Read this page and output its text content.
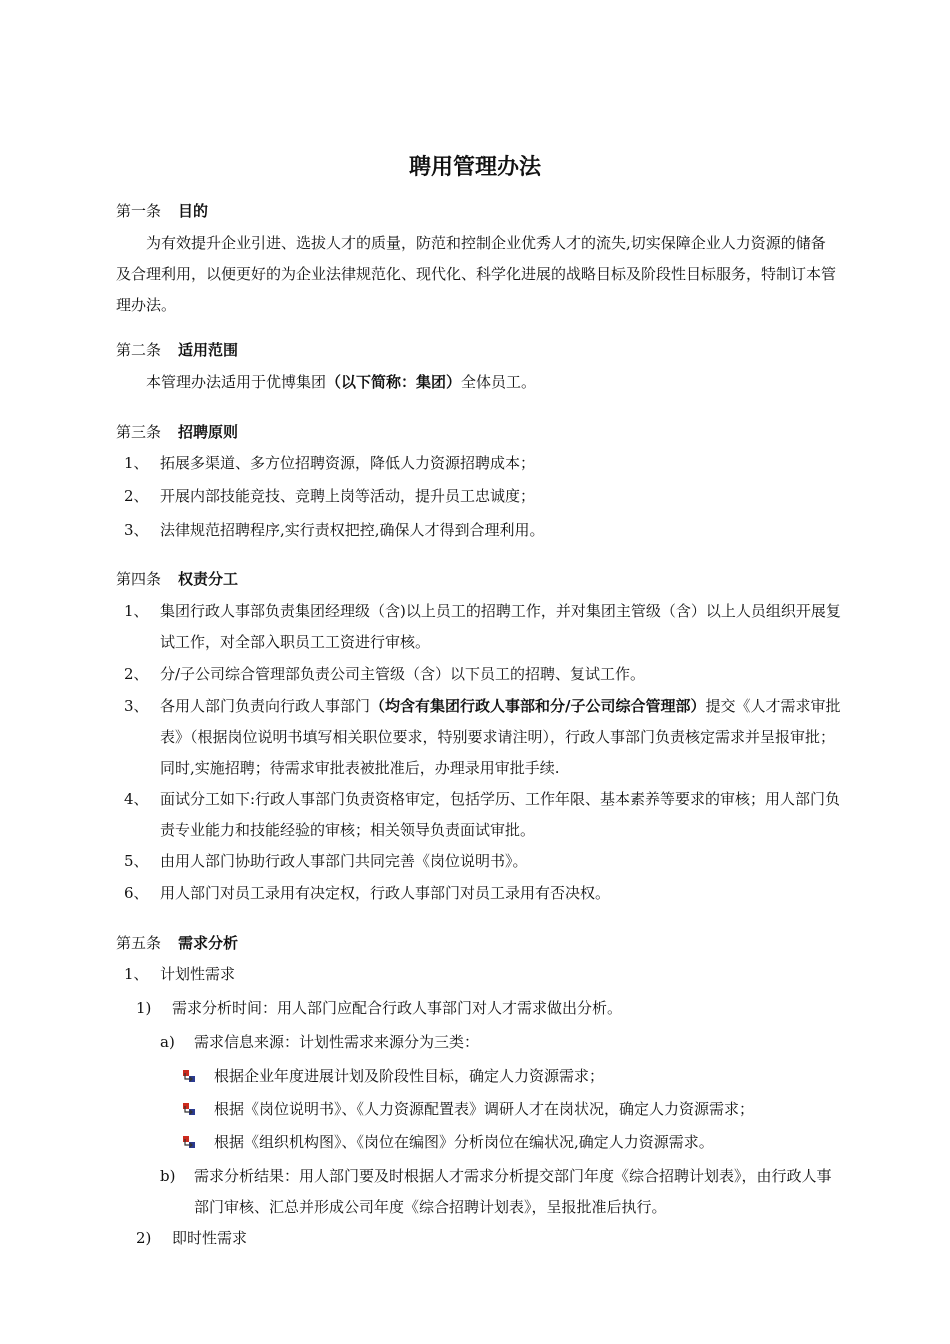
聘用管理办法
第一条 目的
为有效提升企业引进、选拔人才的质量，防范和控制企业优秀人才的流失,切实保障企业人力资源的储备及合理利用，以便更好的为企业法律规范化、现代化、科学化进展的战略目标及阶段性目标服务，特制订本管理办法。
第二条 适用范围
本管理办法适用于优博集团（以下简称：集团）全体员工。
第三条 招聘原则
1、 拓展多渠道、多方位招聘资源，降低人力资源招聘成本；
2、 开展内部技能竞技、竞聘上岗等活动，提升员工忠诚度；
3、 法律规范招聘程序,实行责权把控,确保人才得到合理利用。
第四条 权责分工
1、 集团行政人事部负责集团经理级（含)以上员工的招聘工作，并对集团主管级（含）以上人员组织开展复试工作，对全部入职员工工资进行审核。
2、 分/子公司综合管理部负责公司主管级（含）以下员工的招聘、复试工作。
3、 各用人部门负责向行政人事部门（均含有集团行政人事部和分/子公司综合管理部）提交《人才需求审批表》（根据岗位说明书填写相关职位要求，特别要求请注明），行政人事部门负责核定需求并呈报审批；同时,实施招聘；待需求审批表被批准后，办理录用审批手续.
4、 面试分工如下:行政人事部门负责资格审定，包括学历、工作年限、基本素养等要求的审核；用人部门负责专业能力和技能经验的审核；相关领导负责面试审批。
5、 由用人部门协助行政人事部门共同完善《岗位说明书》。
6、 用人部门对员工录用有决定权，行政人事部门对员工录用有否决权。
第五条 需求分析
1、 计划性需求
1)	需求分析时间：用人部门应配合行政人事部门对人才需求做出分析。
a)	需求信息来源：计划性需求来源分为三类：
根据企业年度进展计划及阶段性目标，确定人力资源需求；
根据《岗位说明书》、《人力资源配置表》调研人才在岗状况，确定人力资源需求；
根据《组织机构图》、《岗位在编图》分析岗位在编状况,确定人力资源需求。
b)	需求分析结果：用人部门要及时根据人才需求分析提交部门年度《综合招聘计划表》，由行政人事部门审核、汇总并形成公司年度《综合招聘计划表》，呈报批准后执行。
2)	即时性需求
